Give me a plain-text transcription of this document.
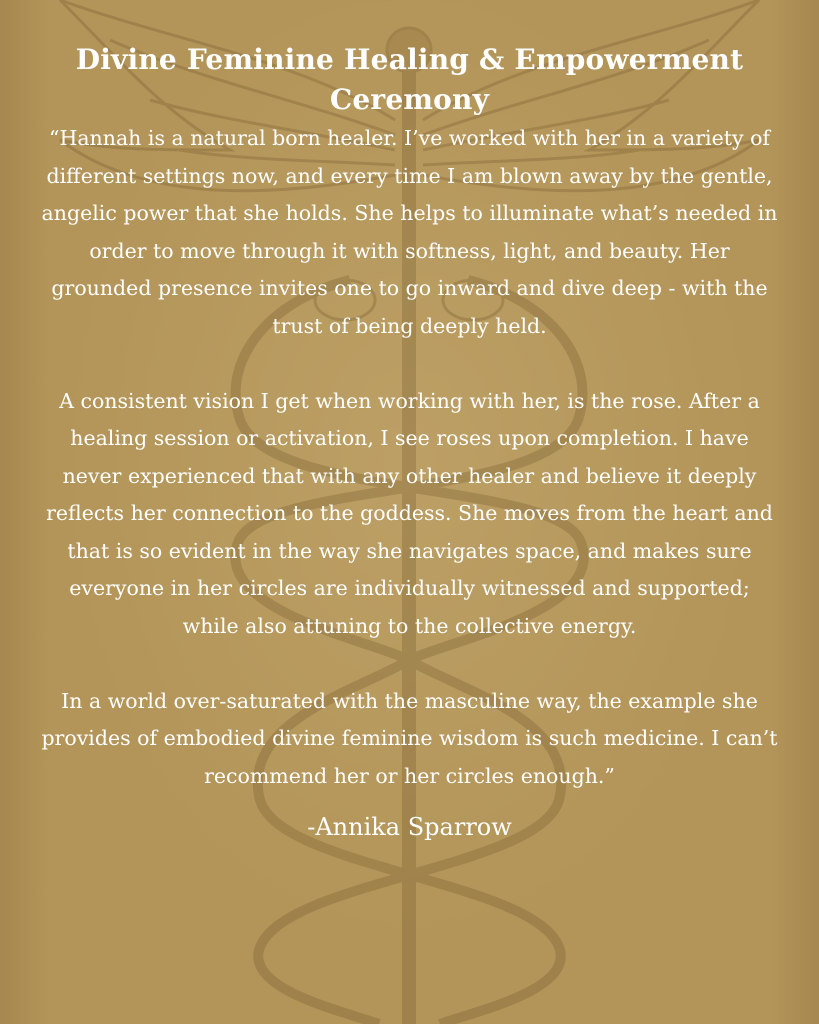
Divine Feminine Healing & Empowerment Ceremony

“Hannah is a natural born healer. I’ve worked with her in a variety of different settings now, and every time I am blown away by the gentle, angelic power that she holds. She helps to illuminate what’s needed in order to move through it with softness, light, and beauty. Her grounded presence invites one to go inward and dive deep - with the trust of being deeply held.

A consistent vision I get when working with her, is the rose. After a healing session or activation, I see roses upon completion. I have never experienced that with any other healer and believe it deeply reflects her connection to the goddess. She moves from the heart and that is so evident in the way she navigates space, and makes sure everyone in her circles are individually witnessed and supported; while also attuning to the collective energy.

In a world over-saturated with the masculine way, the example she provides of embodied divine feminine wisdom is such medicine. I can’t recommend her or her circles enough.”

-Annika Sparrow
